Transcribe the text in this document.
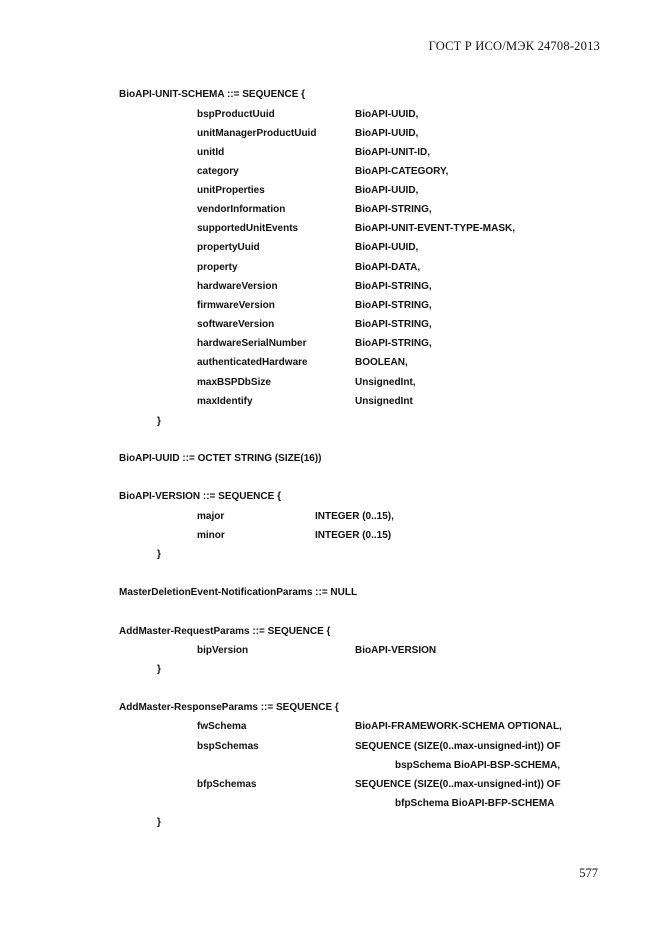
ГОСТ Р ИСО/МЭК 24708-2013
BioAPI-UNIT-SCHEMA ::= SEQUENCE {
bspProductUuid	BioAPI-UUID,
unitManagerProductUuid	BioAPI-UUID,
unitId	BioAPI-UNIT-ID,
category	BioAPI-CATEGORY,
unitProperties	BioAPI-UUID,
vendorInformation	BioAPI-STRING,
supportedUnitEvents	BioAPI-UNIT-EVENT-TYPE-MASK,
propertyUuid	BioAPI-UUID,
property	BioAPI-DATA,
hardwareVersion	BioAPI-STRING,
firmwareVersion	BioAPI-STRING,
softwareVersion	BioAPI-STRING,
hardwareSerialNumber	BioAPI-STRING,
authenticatedHardware	BOOLEAN,
maxBSPDbSize	UnsignedInt,
maxIdentify	UnsignedInt
}
BioAPI-UUID ::= OCTET STRING (SIZE(16))
BioAPI-VERSION ::= SEQUENCE {
major	INTEGER (0..15),
minor	INTEGER (0..15)
}
MasterDeletionEvent-NotificationParams ::= NULL
AddMaster-RequestParams ::= SEQUENCE {
bipVersion	BioAPI-VERSION
}
AddMaster-ResponseParams ::= SEQUENCE {
fwSchema	BioAPI-FRAMEWORK-SCHEMA OPTIONAL,
bspSchemas	SEQUENCE (SIZE(0..max-unsigned-int)) OF
bspSchema BioAPI-BSP-SCHEMA,
bfpSchemas	SEQUENCE (SIZE(0..max-unsigned-int)) OF
bfpSchema BioAPI-BFP-SCHEMA
}
577
